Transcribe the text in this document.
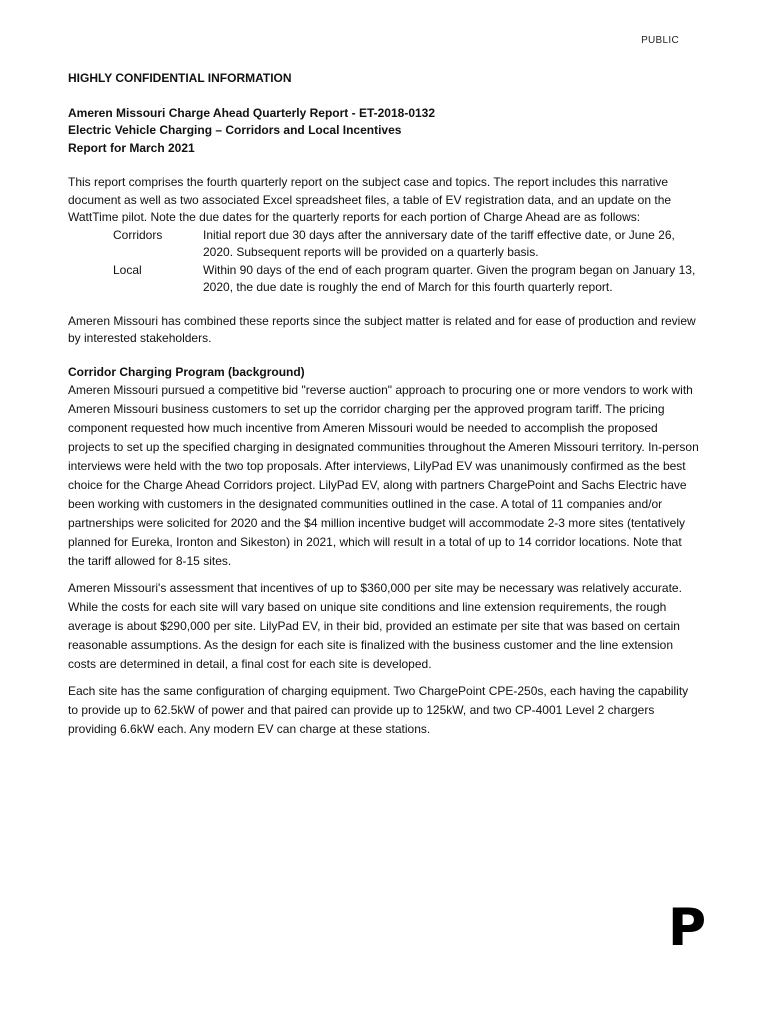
PUBLIC

HIGHLY CONFIDENTIAL INFORMATION

Ameren Missouri Charge Ahead Quarterly Report - ET-2018-0132
Electric Vehicle Charging – Corridors and Local Incentives
Report for March 2021

This report comprises the fourth quarterly report on the subject case and topics. The report includes this narrative document as well as two associated Excel spreadsheet files, a table of EV registration data, and an update on the WattTime pilot. Note the due dates for the quarterly reports for each portion of Charge Ahead are as follows:

Corridors	Initial report due 30 days after the anniversary date of the tariff effective date, or June 26, 2020. Subsequent reports will be provided on a quarterly basis.
Local	Within 90 days of the end of each program quarter. Given the program began on January 13, 2020, the due date is roughly the end of March for this fourth quarterly report.

Ameren Missouri has combined these reports since the subject matter is related and for ease of production and review by interested stakeholders.

Corridor Charging Program (background)

Ameren Missouri pursued a competitive bid "reverse auction" approach to procuring one or more vendors to work with Ameren Missouri business customers to set up the corridor charging per the approved program tariff. The pricing component requested how much incentive from Ameren Missouri would be needed to accomplish the proposed projects to set up the specified charging in designated communities throughout the Ameren Missouri territory. In-person interviews were held with the two top proposals. After interviews, LilyPad EV was unanimously confirmed as the best choice for the Charge Ahead Corridors project. LilyPad EV, along with partners ChargePoint and Sachs Electric have been working with customers in the designated communities outlined in the case. A total of 11 companies and/or partnerships were solicited for 2020 and the $4 million incentive budget will accommodate 2-3 more sites (tentatively planned for Eureka, Ironton and Sikeston) in 2021, which will result in a total of up to 14 corridor locations. Note that the tariff allowed for 8-15 sites.

Ameren Missouri's assessment that incentives of up to $360,000 per site may be necessary was relatively accurate. While the costs for each site will vary based on unique site conditions and line extension requirements, the rough average is about $290,000 per site. LilyPad EV, in their bid, provided an estimate per site that was based on certain reasonable assumptions. As the design for each site is finalized with the business customer and the line extension costs are determined in detail, a final cost for each site is developed.

Each site has the same configuration of charging equipment. Two ChargePoint CPE-250s, each having the capability to provide up to 62.5kW of power and that paired can provide up to 125kW, and two CP-4001 Level 2 chargers providing 6.6kW each. Any modern EV can charge at these stations.

P
